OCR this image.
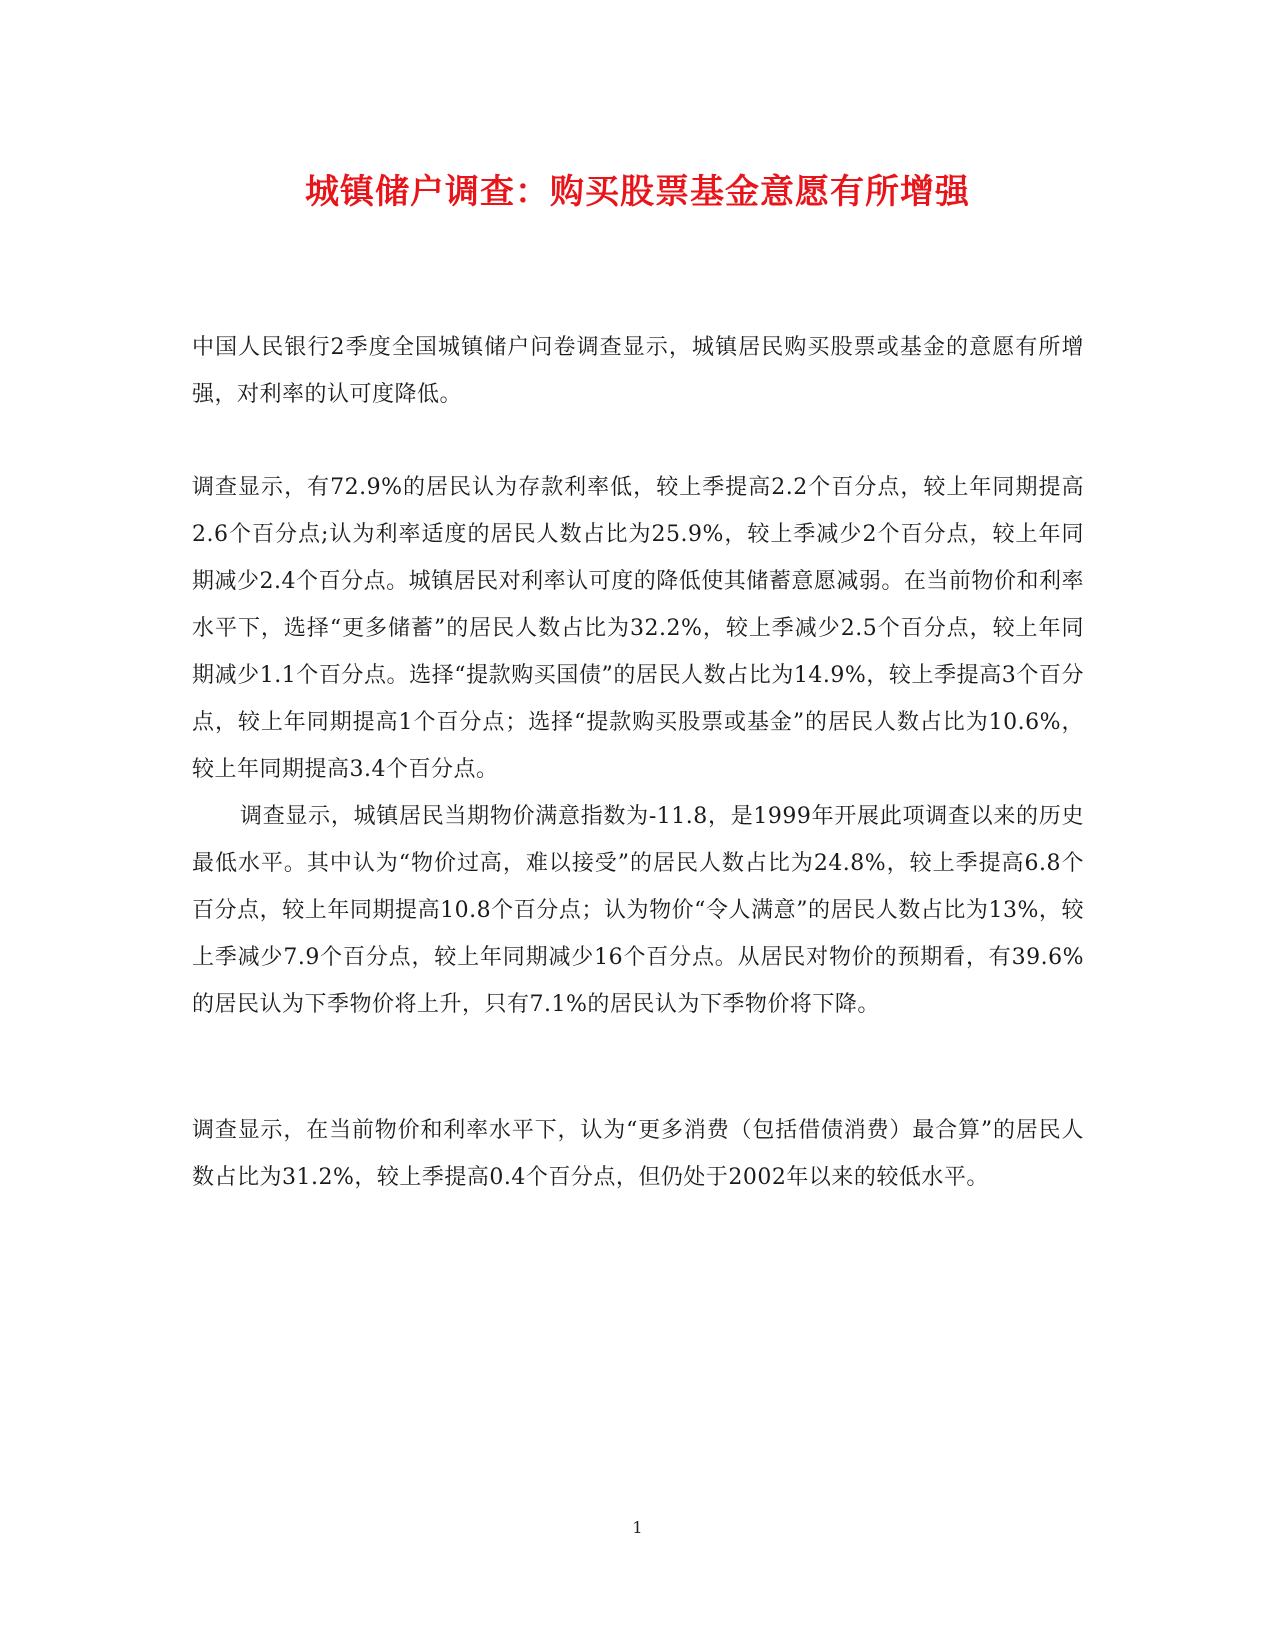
城镇储户调查：购买股票基金意愿有所增强

中国人民银行2季度全国城镇储户问卷调查显示，城镇居民购买股票或基金的意愿有所增强，对利率的认可度降低。

调查显示，有72.9%的居民认为存款利率低，较上季提高2.2个百分点，较上年同期提高2.6个百分点;认为利率适度的居民人数占比为25.9%，较上季减少2个百分点，较上年同期减少2.4个百分点。城镇居民对利率认可度的降低使其储蓄意愿减弱。在当前物价和利率水平下，选择“更多储蓄”的居民人数占比为32.2%，较上季减少2.5个百分点，较上年同期减少1.1个百分点。选择“提款购买国债”的居民人数占比为14.9%，较上季提高3个百分点，较上年同期提高1个百分点；选择“提款购买股票或基金”的居民人数占比为10.6%，较上年同期提高3.4个百分点。

调查显示，城镇居民当期物价满意指数为-11.8，是1999年开展此项调查以来的历史最低水平。其中认为“物价过高，难以接受”的居民人数占比为24.8%，较上季提高6.8个百分点，较上年同期提高10.8个百分点；认为物价“令人满意”的居民人数占比为13%，较上季减少7.9个百分点，较上年同期减少16个百分点。从居民对物价的预期看，有39.6%的居民认为下季物价将上升，只有7.1%的居民认为下季物价将下降。

调查显示，在当前物价和利率水平下，认为“更多消费（包括借债消费）最合算”的居民人数占比为31.2%，较上季提高0.4个百分点，但仍处于2002年以来的较低水平。

1
